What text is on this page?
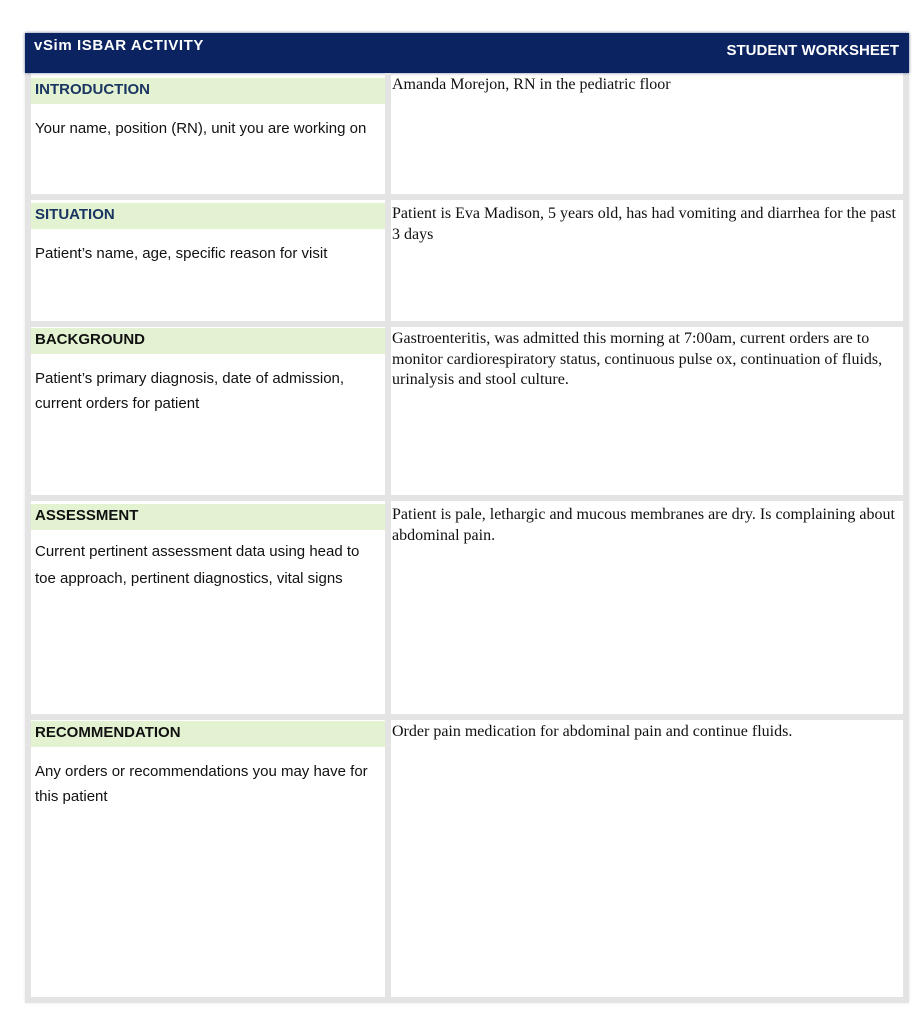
vSim ISBAR ACTIVITY	STUDENT WORKSHEET
INTRODUCTION
Your name, position (RN), unit you are working on
Amanda Morejon, RN in the pediatric floor
SITUATION
Patient’s name, age, specific reason for visit
Patient is Eva Madison, 5 years old, has had vomiting and diarrhea for the past 3 days
BACKGROUND
Patient’s primary diagnosis, date of admission, current orders for patient
Gastroenteritis, was admitted this morning at 7:00am, current orders are to monitor cardiorespiratory status, continuous pulse ox, continuation of fluids, urinalysis and stool culture.
ASSESSMENT
Current pertinent assessment data using head to toe approach, pertinent diagnostics, vital signs
Patient is pale, lethargic and mucous membranes are dry. Is complaining about abdominal pain.
RECOMMENDATION
Any orders or recommendations you may have for this patient
Order pain medication for abdominal pain and continue fluids.
